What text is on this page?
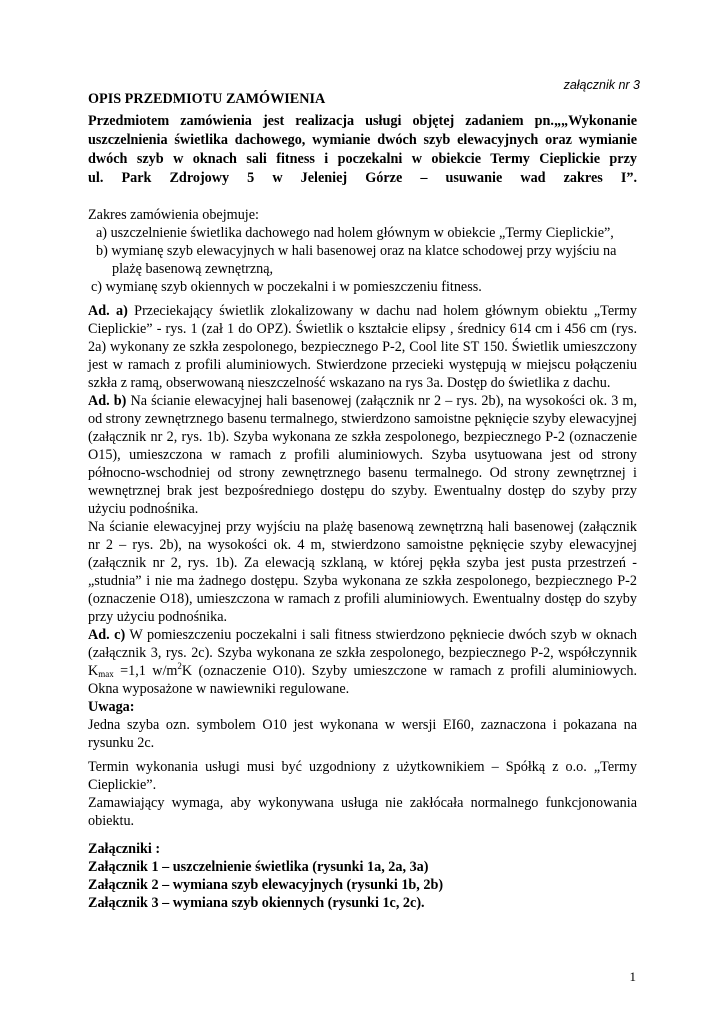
załącznik nr 3
OPIS PRZEDMIOTU ZAMÓWIENIA
Przedmiotem zamówienia jest realizacja usługi objętej zadaniem pn.„„Wykonanie
uszczelnienia świetlika dachowego, wymianie dwóch szyb elewacyjnych oraz wymianie
dwóch szyb w oknach sali fitness i poczekalni w obiekcie Termy Cieplickie przy
ul. Park Zdrojowy 5 w Jeleniej Górze – usuwanie wad zakres I”.
Zakres zamówienia obejmuje:
a) uszczelnienie świetlika dachowego nad holem głównym w obiekcie „Termy Cieplickie”,
b) wymianę szyb elewacyjnych w hali basenowej oraz na klatce schodowej przy wyjściu na
plażę basenową zewnętrzną,
c) wymianę szyb okiennych w poczekalni i w pomieszczeniu fitness.

Ad. a) Przeciekający świetlik zlokalizowany w dachu nad holem głównym obiektu „Termy Cieplickie” - rys. 1 (zał 1 do OPZ). Świetlik o kształcie elipsy , średnicy 614 cm i 456 cm (rys. 2a) wykonany ze szkła zespolonego, bezpiecznego P-2, Cool lite ST 150. Świetlik umieszczony jest w ramach z profili aluminiowych. Stwierdzone przecieki występują w miejscu połączeniu szkła z ramą, obserwowaną nieszczelność wskazano na rys 3a. Dostęp do świetlika z dachu.

Ad. b) Na ścianie elewacyjnej hali basenowej (załącznik nr 2 – rys. 2b), na wysokości ok. 3 m, od strony zewnętrznego basenu termalnego, stwierdzono samoistne pęknięcie szyby elewacyjnej (załącznik nr 2, rys. 1b). Szyba wykonana ze szkła zespolonego, bezpiecznego P-2 (oznaczenie O15), umieszczona w ramach z profili aluminiowych. Szyba usytuowana jest od strony północno-wschodniej od strony zewnętrznego basenu termalnego. Od strony zewnętrznej i wewnętrznej brak jest bezpośredniego dostępu do szyby. Ewentualny dostęp do szyby przy użyciu podnośnika.

Na ścianie elewacyjnej przy wyjściu na plażę basenową zewnętrzną hali basenowej (załącznik nr 2 – rys. 2b), na wysokości ok. 4 m, stwierdzono samoistne pęknięcie szyby elewacyjnej (załącznik nr 2, rys. 1b). Za elewacją szklaną, w której pękła szyba jest pusta przestrzeń - „studnia” i nie ma żadnego dostępu. Szyba wykonana ze szkła zespolonego, bezpiecznego P-2 (oznaczenie O18), umieszczona w ramach z profili aluminiowych. Ewentualny dostęp do szyby przy użyciu podnośnika.

Ad. c) W pomieszczeniu poczekalni i sali fitness stwierdzono pękniecie dwóch szyb w oknach (załącznik 3, rys. 2c). Szyba wykonana ze szkła zespolonego, bezpiecznego P-2, współczynnik $K_{max} =1,1$ $w/m^2K$ (oznaczenie O10). Szyby umieszczone w ramach z profili aluminiowych. Okna wyposażone w nawiewniki regulowane.

Uwaga:

Jedna szyba ozn. symbolem O10 jest wykonana w wersji EI60, zaznaczona i pokazana na rysunku 2c.

Termin wykonania usługi musi być uzgodniony z użytkownikiem – Spółką z o.o. „Termy Cieplickie”.

Zamawiający wymaga, aby wykonywana usługa nie zakłócała normalnego funkcjonowania obiektu.

Załączniki :

Załącznik 1 – uszczelnienie świetlika (rysunki 1a, 2a, 3a)

Załącznik 2 – wymiana szyb elewacyjnych (rysunki 1b, 2b)

Załącznik 3 – wymiana szyb okiennych (rysunki 1c, 2c).

1
